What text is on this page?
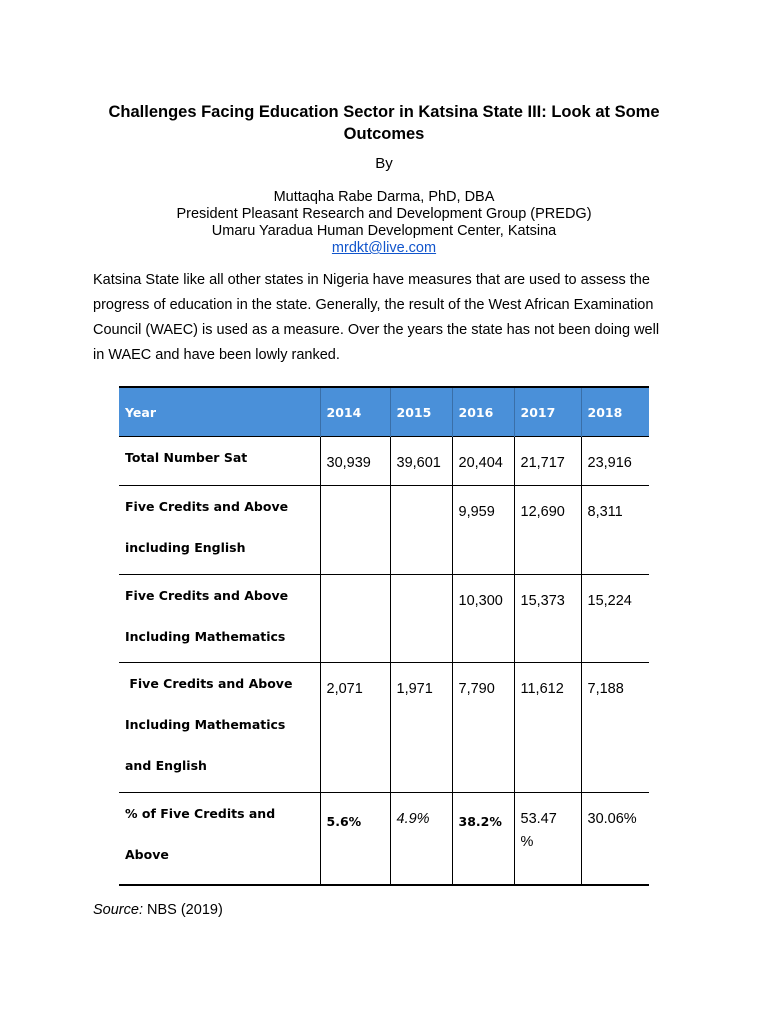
Challenges Facing Education Sector in Katsina State III: Look at Some Outcomes
By
Muttaqha Rabe Darma, PhD, DBA
President Pleasant Research and Development Group (PREDG)
Umaru Yaradua Human Development Center, Katsina
mrdkt@live.com

Katsina State like all other states in Nigeria have measures that are used to assess the progress of education in the state. Generally, the result of the West African Examination Council (WAEC) is used as a measure. Over the years the state has not been doing well in WAEC and have been lowly ranked.

Year	2014	2015	2016	2017	2018

Total Number Sat	30,939	39,601	20,404	21,717	23,916

Five Credits and Above
including English			9,959	12,690	8,311

Five Credits and Above
Including Mathematics			10,300	15,373	15,224

Five Credits and Above
Including Mathematics
and English	2,071	1,971	7,790	11,612	7,188

% of Five Credits and
Above	5.6%	4.9%	38.2%	53.47 %	30.06%
Source: NBS (2019)
